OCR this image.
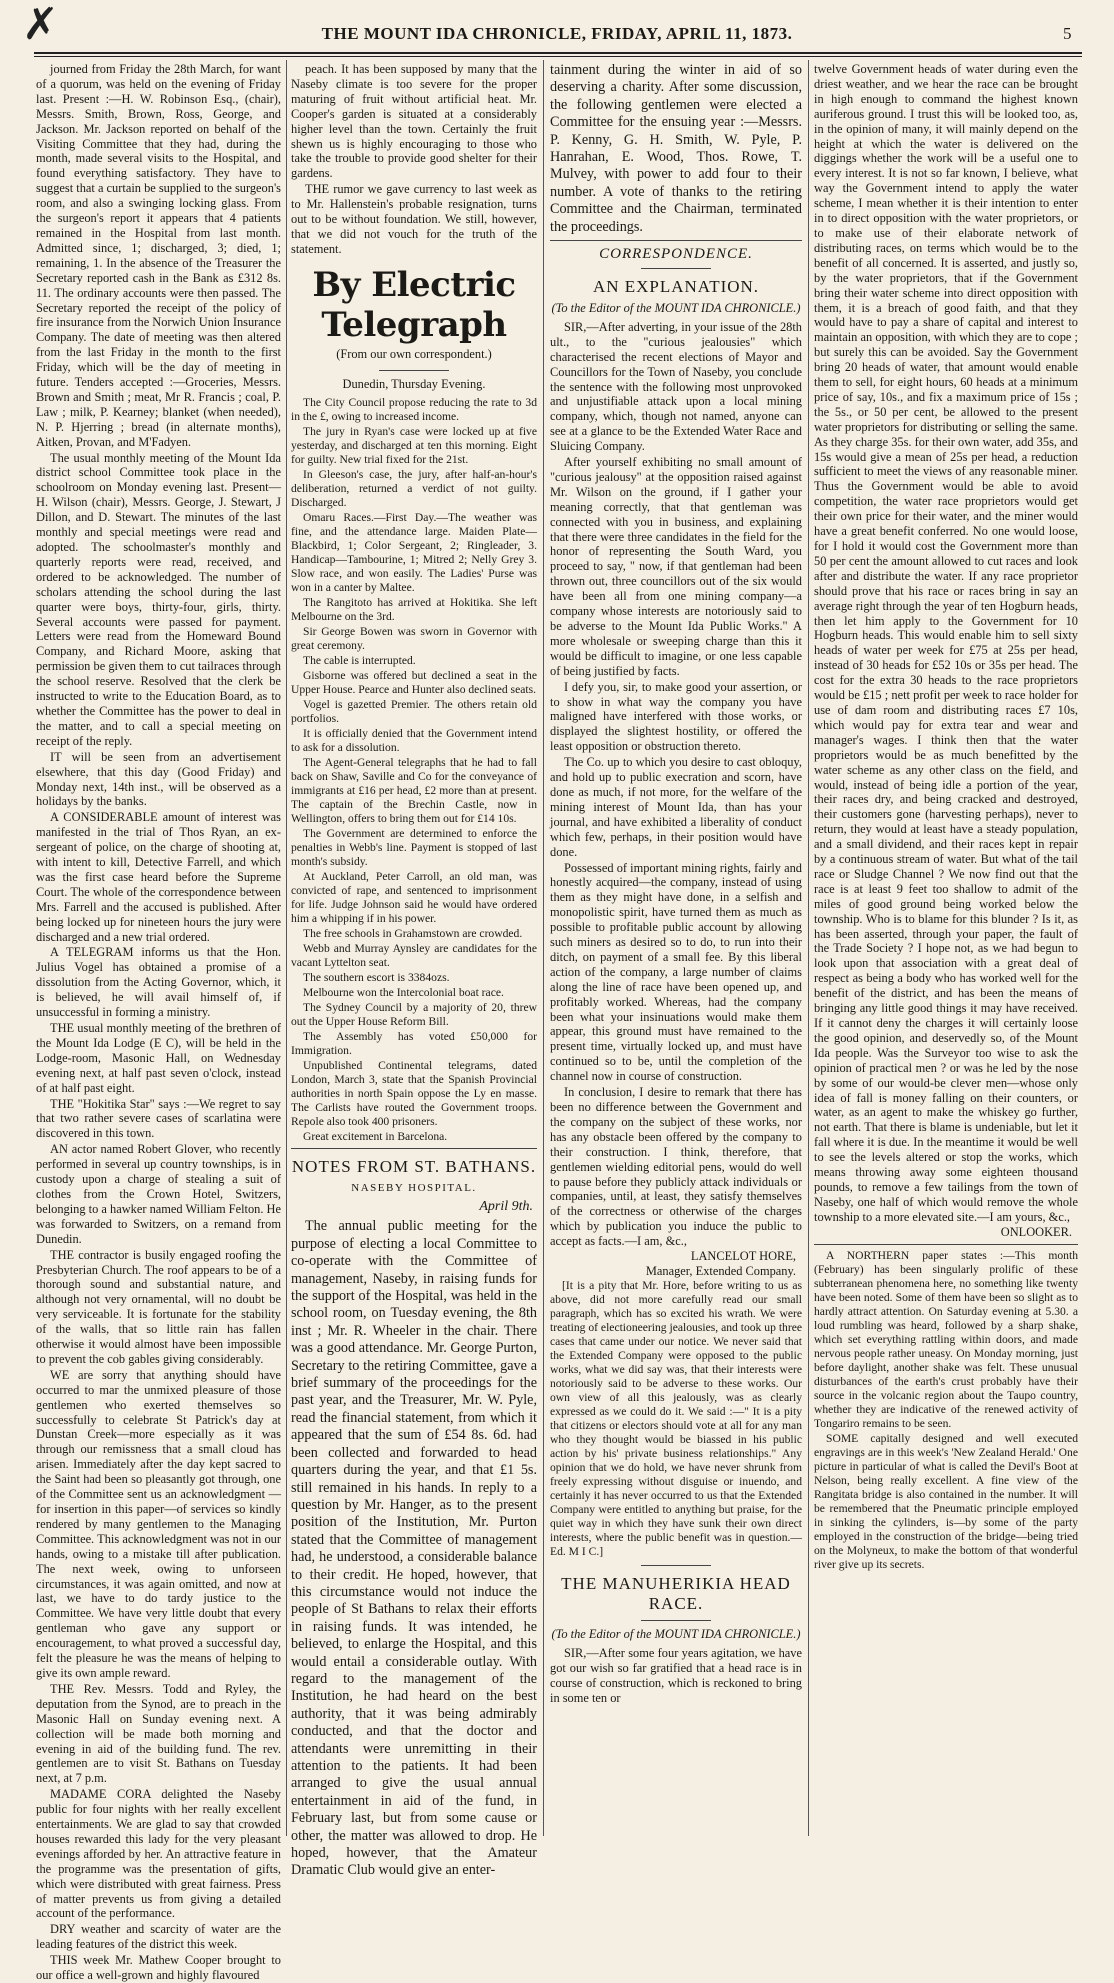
✗	THE MOUNT IDA CHRONICLE, FRIDAY, APRIL 11, 1873.	5

journed from Friday the 28th March, for want of a quorum, was held on the evening of Friday last. Present :—H. W. Robinson Esq., (chair), Messrs. Smith, Brown, Ross, George, and Jackson. Mr. Jackson reported on behalf of the Visiting Committee that they had, during the month, made several visits to the Hospital, and found everything satisfactory. They have to suggest that a curtain be supplied to the surgeon's room, and also a swinging locking glass. From the surgeon's report it appears that 4 patients remained in the Hospital from last month. Admitted since, 1; discharged, 3; died, 1; remaining, 1. In the absence of the Treasurer the Secretary reported cash in the Bank as £312 8s. 11. The ordinary accounts were then passed. The Secretary reported the receipt of the policy of fire insurance from the Norwich Union Insurance Company. The date of meeting was then altered from the last Friday in the month to the first Friday, which will be the day of meeting in future. Tenders accepted :—Groceries, Messrs. Brown and Smith ; meat, Mr R. Francis ; coal, P. Law ; milk, P. Kearney; blanket (when needed), N. P. Hjerring ; bread (in alternate months), Aitken, Provan, and M'Fadyen.

The usual monthly meeting of the Mount Ida district school Committee took place in the schoolroom on Monday evening last. Present—H. Wilson (chair), Messrs. George, J. Stewart, J Dillon, and D. Stewart. The minutes of the last monthly and special meetings were read and adopted. The schoolmaster's monthly and quarterly reports were read, received, and ordered to be acknowledged. The number of scholars attending the school during the last quarter were boys, thirty-four, girls, thirty. Several accounts were passed for payment. Letters were read from the Homeward Bound Company, and Richard Moore, asking that permission be given them to cut tailraces through the school reserve. Resolved that the clerk be instructed to write to the Education Board, as to whether the Committee has the power to deal in the matter, and to call a special meeting on receipt of the reply.

IT will be seen from an advertisement elsewhere, that this day (Good Friday) and Monday next, 14th inst., will be observed as a holidays by the banks.

A CONSIDERABLE amount of interest was manifested in the trial of Thos Ryan, an ex-sergeant of police, on the charge of shooting at, with intent to kill, Detective Farrell, and which was the first case heard before the Supreme Court. The whole of the correspondence between Mrs. Farrell and the accused is published. After being locked up for nineteen hours the jury were discharged and a new trial ordered.

A TELEGRAM informs us that the Hon. Julius Vogel has obtained a promise of a dissolution from the Acting Governor, which, it is believed, he will avail himself of, if unsuccessful in forming a ministry.

THE usual monthly meeting of the brethren of the Mount Ida Lodge (E C), will be held in the Lodge-room, Masonic Hall, on Wednesday evening next, at half past seven o'clock, instead of at half past eight.

THE "Hokitika Star" says :—We regret to say that two rather severe cases of scarlatina were discovered in this town.

AN actor named Robert Glover, who recently performed in several up country townships, is in custody upon a charge of stealing a suit of clothes from the Crown Hotel, Switzers, belonging to a hawker named William Felton. He was forwarded to Switzers, on a remand from Dunedin.

THE contractor is busily engaged roofing the Presbyterian Church. The roof appears to be of a thorough sound and substantial nature, and although not very ornamental, will no doubt be very serviceable. It is fortunate for the stability of the walls, that so little rain has fallen otherwise it would almost have been impossible to prevent the cob gables giving considerably.

WE are sorry that anything should have occurred to mar the unmixed pleasure of those gentlemen who exerted themselves so successfully to celebrate St Patrick's day at Dunstan Creek—more especially as it was through our remissness that a small cloud has arisen. Immediately after the day kept sacred to the Saint had been so pleasantly got through, one of the Committee sent us an acknowledgment —for insertion in this paper—of services so kindly rendered by many gentlemen to the Managing Committee. This acknowledgment was not in our hands, owing to a mistake till after publication. The next week, owing to unforseen circumstances, it was again omitted, and now at last, we have to do tardy justice to the Committee. We have very little doubt that every gentleman who gave any support or encouragement, to what proved a successful day, felt the pleasure he was the means of helping to give its own ample reward.

THE Rev. Messrs. Todd and Ryley, the deputation from the Synod, are to preach in the Masonic Hall on Sunday evening next. A collection will be made both morning and evening in aid of the building fund. The rev. gentlemen are to visit St. Bathans on Tuesday next, at 7 p.m.

MADAME CORA delighted the Naseby public for four nights with her really excellent entertainments. We are glad to say that crowded houses rewarded this lady for the very pleasant evenings afforded by her. An attractive feature in the programme was the presentation of gifts, which were distributed with great fairness. Press of matter prevents us from giving a detailed account of the performance.

DRY weather and scarcity of water are the leading features of the district this week.

THIS week Mr. Mathew Cooper brought to our office a well-grown and highly flavoured

peach. It has been supposed by many that the Naseby climate is too severe for the proper maturing of fruit without artificial heat. Mr. Cooper's garden is situated at a considerably higher level than the town. Certainly the fruit shewn us is highly encouraging to those who take the trouble to provide good shelter for their gardens.

THE rumor we gave currency to last week as to Mr. Hallenstein's probable resignation, turns out to be without foundation. We still, however, that we did not vouch for the truth of the statement.

By Electric Telegraph
(From our own correspondent.)
Dunedin, Thursday Evening.

The City Council propose reducing the rate to 3d in the £, owing to increased income.

The jury in Ryan's case were locked up at five yesterday, and discharged at ten this morning. Eight for guilty. New trial fixed for the 21st.

In Gleeson's case, the jury, after half-an-hour's deliberation, returned a verdict of not guilty. Discharged.

Omaru Races.—First Day.—The weather was fine, and the attendance large. Maiden Plate—Blackbird, 1; Color Sergeant, 2; Ringleader, 3. Handicap—Tambourine, 1; Mitred 2; Nelly Grey 3. Slow race, and won easily. The Ladies' Purse was won in a canter by Maltee.

The Rangitoto has arrived at Hokitika. She left Melbourne on the 3rd.

Sir George Bowen was sworn in Governor with great ceremony.

The cable is interrupted.

Gisborne was offered but declined a seat in the Upper House. Pearce and Hunter also declined seats.

Vogel is gazetted Premier. The others retain old portfolios.

It is officially denied that the Government intend to ask for a dissolution.

The Agent-General telegraphs that he had to fall back on Shaw, Saville and Co for the conveyance of immigrants at £16 per head, £2 more than at present. The captain of the Brechin Castle, now in Wellington, offers to bring them out for £14 10s.

The Government are determined to enforce the penalties in Webb's line. Payment is stopped of last month's subsidy.

At Auckland, Peter Carroll, an old man, was convicted of rape, and sentenced to imprisonment for life. Judge Johnson said he would have ordered him a whipping if in his power.

The free schools in Grahamstown are crowded.

Webb and Murray Aynsley are candidates for the vacant Lyttelton seat.

The southern escort is 3384ozs.

Melbourne won the Intercolonial boat race.

The Sydney Council by a majority of 20, threw out the Upper House Reform Bill.

The Assembly has voted £50,000 for Immigration.

Unpublished Continental telegrams, dated London, March 3, state that the Spanish Provincial authorities in north Spain oppose the Ly en masse. The Carlists have routed the Government troops. Repole also took 400 prisoners.

Great excitement in Barcelona.

NOTES FROM ST. BATHANS.
NASEBY HOSPITAL.
April 9th.

The annual public meeting for the purpose of electing a local Committee to co-operate with the Committee of management, Naseby, in raising funds for the support of the Hospital, was held in the school room, on Tuesday evening, the 8th inst ; Mr. R. Wheeler in the chair. There was a good attendance. Mr. George Purton, Secretary to the retiring Committee, gave a brief summary of the proceedings for the past year, and the Treasurer, Mr. W. Pyle, read the financial statement, from which it appeared that the sum of £54 8s. 6d. had been collected and forwarded to head quarters during the year, and that £1 5s. still remained in his hands. In reply to a question by Mr. Hanger, as to the present position of the Institution, Mr. Purton stated that the Committee of management had, he understood, a considerable balance to their credit. He hoped, however, that this circumstance would not induce the people of St Bathans to relax their efforts in raising funds. It was intended, he believed, to enlarge the Hospital, and this would entail a considerable outlay. With regard to the management of the Institution, he had heard on the best authority, that it was being admirably conducted, and that the doctor and attendants were unremitting in their attention to the patients. It had been arranged to give the usual annual entertainment in aid of the fund, in February last, but from some cause or other, the matter was allowed to drop. He hoped, however, that the Amateur Dramatic Club would give an enter-

tainment during the winter in aid of so deserving a charity. After some discussion, the following gentlemen were elected a Committee for the ensuing year :—Messrs. P. Kenny, G. H. Smith, W. Pyle, P. Hanrahan, E. Wood, Thos. Rowe, T. Mulvey, with power to add four to their number. A vote of thanks to the retiring Committee and the Chairman, terminated the proceedings.

CORRESPONDENCE.
AN EXPLANATION.
(To the Editor of the MOUNT IDA CHRONICLE.)

SIR,—After adverting, in your issue of the 28th ult., to the "curious jealousies" which characterised the recent elections of Mayor and Councillors for the Town of Naseby, you conclude the sentence with the following most unprovoked and unjustifiable attack upon a local mining company, which, though not named, anyone can see at a glance to be the Extended Water Race and Sluicing Company.

After yourself exhibiting no small amount of "curious jealousy" at the opposition raised against Mr. Wilson on the ground, if I gather your meaning correctly, that that gentleman was connected with you in business, and explaining that there were three candidates in the field for the honor of representing the South Ward, you proceed to say, " now, if that gentleman had been thrown out, three councillors out of the six would have been all from one mining company—a company whose interests are notoriously said to be adverse to the Mount Ida Public Works." A more wholesale or sweeping charge than this it would be difficult to imagine, or one less capable of being justified by facts.

I defy you, sir, to make good your assertion, or to show in what way the company you have maligned have interfered with those works, or displayed the slightest hostility, or offered the least opposition or obstruction thereto.

The Co. up to which you desire to cast obloquy, and hold up to public execration and scorn, have done as much, if not more, for the welfare of the mining interest of Mount Ida, than has your journal, and have exhibited a liberality of conduct which few, perhaps, in their position would have done.

Possessed of important mining rights, fairly and honestly acquired—the company, instead of using them as they might have done, in a selfish and monopolistic spirit, have turned them as much as possible to profitable public account by allowing such miners as desired so to do, to run into their ditch, on payment of a small fee. By this liberal action of the company, a large number of claims along the line of race have been opened up, and profitably worked. Whereas, had the company been what your insinuations would make them appear, this ground must have remained to the present time, virtually locked up, and must have continued so to be, until the completion of the channel now in course of construction.

In conclusion, I desire to remark that there has been no difference between the Government and the company on the subject of these works, nor has any obstacle been offered by the company to their construction. I think, therefore, that gentlemen wielding editorial pens, would do well to pause before they publicly attack individuals or companies, until, at least, they satisfy themselves of the correctness or otherwise of the charges which by publication you induce the public to accept as facts.—I am, &c.,

LANCELOT HORE,
Manager, Extended Company.

[It is a pity that Mr. Hore, before writing to us as above, did not more carefully read our small paragraph, which has so excited his wrath. We were treating of electioneering jealousies, and took up three cases that came under our notice. We never said that the Extended Company were opposed to the public works, what we did say was, that their interests were notoriously said to be adverse to these works. Our own view of all this jealously, was as clearly expressed as we could do it. We said :—" It is a pity that citizens or electors should vote at all for any man who they thought would be biassed in his public action by his' private business relationships." Any opinion that we do hold, we have never shrunk from freely expressing without disguise or inuendo, and certainly it has never occurred to us that the Extended Company were entitled to anything but praise, for the quiet way in which they have sunk their own direct interests, where the public benefit was in question.—Ed. M I C.]

THE MANUHERIKIA HEAD RACE.
(To the Editor of the MOUNT IDA CHRONICLE.)

SIR,—After some four years agitation, we have got our wish so far gratified that a head race is in course of construction, which is reckoned to bring in some ten or

twelve Government heads of water during even the driest weather, and we hear the race can be brought in high enough to command the highest known auriferous ground. I trust this will be looked too, as, in the opinion of many, it will mainly depend on the height at which the water is delivered on the diggings whether the work will be a useful one to every interest. It is not so far known, I believe, what way the Government intend to apply the water scheme, I mean whether it is their intention to enter in to direct opposition with the water proprietors, or to make use of their elaborate network of distributing races, on terms which would be to the benefit of all concerned. It is asserted, and justly so, by the water proprietors, that if the Government bring their water scheme into direct opposition with them, it is a breach of good faith, and that they would have to pay a share of capital and interest to maintain an opposition, with which they are to cope ; but surely this can be avoided. Say the Government bring 20 heads of water, that amount would enable them to sell, for eight hours, 60 heads at a minimum price of say, 10s., and fix a maximum price of 15s ; the 5s., or 50 per cent, be allowed to the present water proprietors for distributing or selling the same. As they charge 35s. for their own water, add 35s, and 15s would give a mean of 25s per head, a reduction sufficient to meet the views of any reasonable miner. Thus the Government would be able to avoid competition, the water race proprietors would get their own price for their water, and the miner would have a great benefit conferred. No one would loose, for I hold it would cost the Government more than 50 per cent the amount allowed to cut races and look after and distribute the water. If any race proprietor should prove that his race or races bring in say an average right through the year of ten Hogburn heads, then let him apply to the Government for 10 Hogburn heads. This would enable him to sell sixty heads of water per week for £75 at 25s per head, instead of 30 heads for £52 10s or 35s per head. The cost for the extra 30 heads to the race proprietors would be £15 ; nett profit per week to race holder for use of dam room and distributing races £7 10s, which would pay for extra tear and wear and manager's wages. I think then that the water proprietors would be as much benefitted by the water scheme as any other class on the field, and would, instead of being idle a portion of the year, their races dry, and being cracked and destroyed, their customers gone (harvesting perhaps), never to return, they would at least have a steady population, and a small dividend, and their races kept in repair by a continuous stream of water. But what of the tail race or Sludge Channel ? We now find out that the race is at least 9 feet too shallow to admit of the miles of good ground being worked below the township. Who is to blame for this blunder ? Is it, as has been asserted, through your paper, the fault of the Trade Society ? I hope not, as we had begun to look upon that association with a great deal of respect as being a body who has worked well for the benefit of the district, and has been the means of bringing any little good things it may have received. If it cannot deny the charges it will certainly loose the good opinion, and deservedly so, of the Mount Ida people. Was the Surveyor too wise to ask the opinion of practical men ? or was he led by the nose by some of our would-be clever men—whose only idea of fall is money falling on their counters, or water, as an agent to make the whiskey go further, not earth. That there is blame is undeniable, but let it fall where it is due. In the meantime it would be well to see the levels altered or stop the works, which means throwing away some eighteen thousand pounds, to remove a few tailings from the town of Naseby, one half of which would remove the whole township to a more elevated site.—I am yours, &c.,

ONLOOKER.

A NORTHERN paper states :—This month (February) has been singularly prolific of these subterranean phenomena here, no something like twenty have been noted. Some of them have been so slight as to hardly attract attention. On Saturday evening at 5.30. a loud rumbling was heard, followed by a sharp shake, which set everything rattling within doors, and made nervous people rather uneasy. On Monday morning, just before daylight, another shake was felt. These unusual disturbances of the earth's crust probably have their source in the volcanic region about the Taupo country, whether they are indicative of the renewed activity of Tongariro remains to be seen.

SOME capitally designed and well executed engravings are in this week's 'New Zealand Herald.' One picture in particular of what is called the Devil's Boot at Nelson, being really excellent. A fine view of the Rangitata bridge is also contained in the number. It will be remembered that the Pneumatic principle employed in sinking the cylinders, is—by some of the party employed in the construction of the bridge—being tried on the Molyneux, to make the bottom of that wonderful river give up its secrets.
